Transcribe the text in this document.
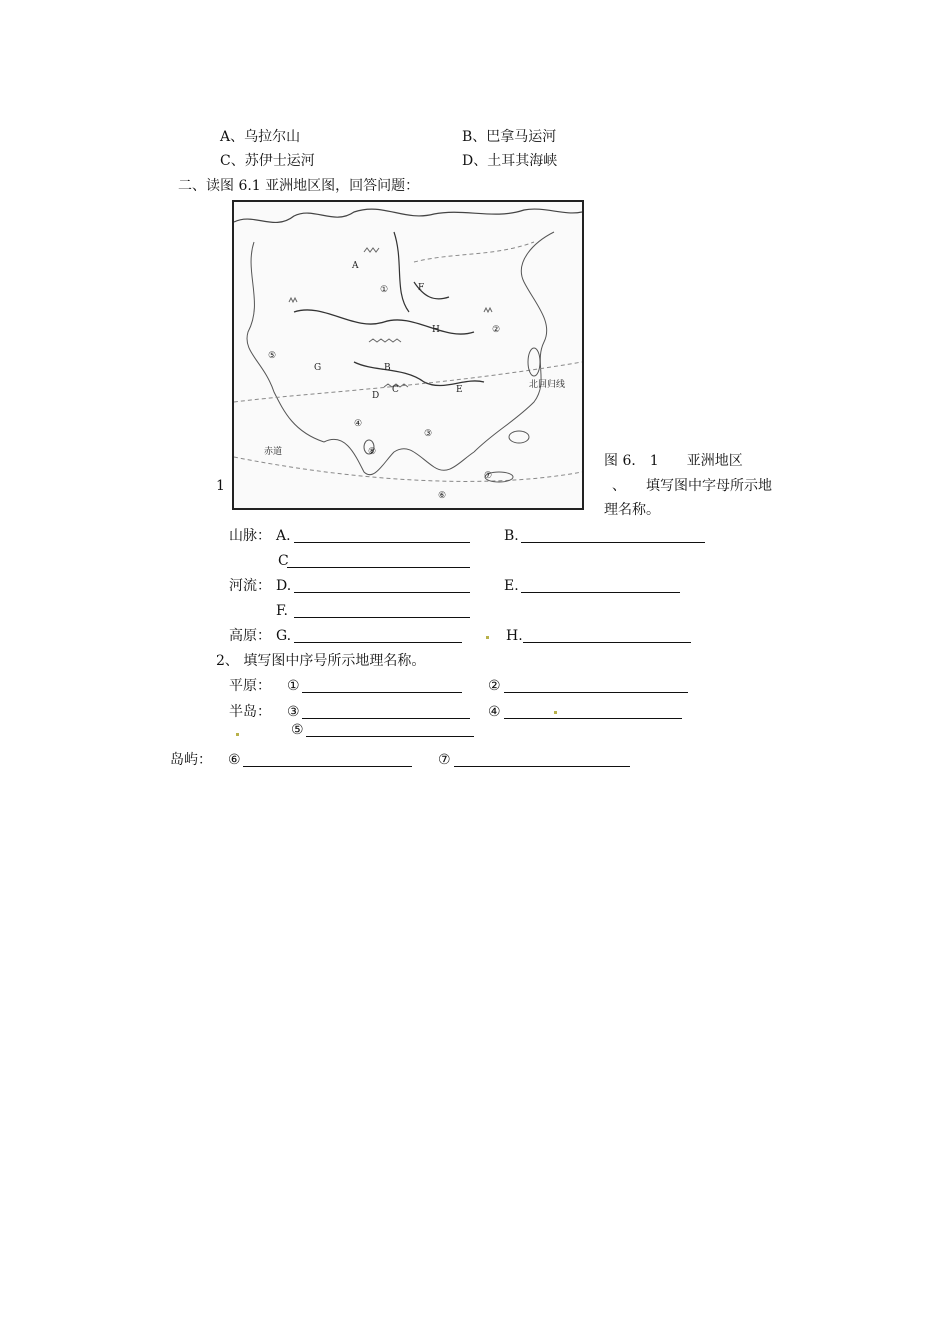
A、乌拉尔山	B、巴拿马运河
C、苏伊士运河	D、土耳其海峡
二、读图 6.1 亚洲地区图，回答问题：
A
B
C
D
E
F
G
H
①
②
③
④
⑤
⑥
⑦
⑧
北回归线
赤道
图 6． 1　　亚洲地区
1	、 填写图中字母所示地
理名称。
山脉： A.	B.
C
河流： D.	E.
F.
高原： G.	H.
2、 填写图中序号所示地理名称。
平原： ①	②
半岛： ③	④
⑤
岛屿： ⑥	⑦
